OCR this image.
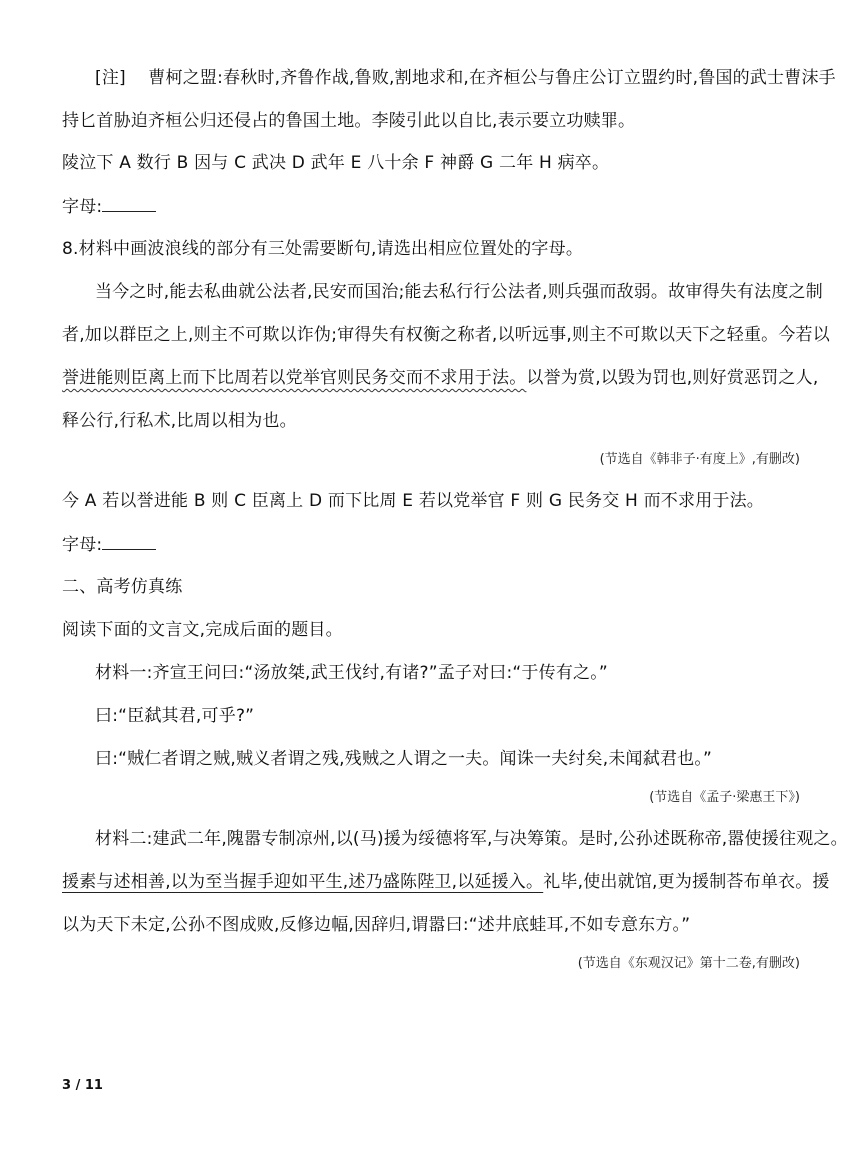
[注] 曹柯之盟:春秋时,齐鲁作战,鲁败,割地求和,在齐桓公与鲁庄公订立盟约时,鲁国的武士曹沫手
持匕首胁迫齐桓公归还侵占的鲁国土地。李陵引此以自比,表示要立功赎罪。
陵泣下 A 数行 B 因与 C 武决 D 武年 E 八十余 F 神爵 G 二年 H 病卒。
字母:
8.材料中画波浪线的部分有三处需要断句,请选出相应位置处的字母。
当今之时,能去私曲就公法者,民安而国治;能去私行行公法者,则兵强而敌弱。故审得失有法度之制
者,加以群臣之上,则主不可欺以诈伪;审得失有权衡之称者,以听远事,则主不可欺以天下之轻重。今若以
誉进能则臣离上而下比周若以党举官则民务交而不求用于法。以誉为赏,以毁为罚也,则好赏恶罚之人,
释公行,行私术,比周以相为也。
(节选自《韩非子·有度上》,有删改)
今 A 若以誉进能 B 则 C 臣离上 D 而下比周 E 若以党举官 F 则 G 民务交 H 而不求用于法。
字母:
二、高考仿真练
阅读下面的文言文,完成后面的题目。
材料一:齐宣王问曰:“汤放桀,武王伐纣,有诸?”孟子对曰:“于传有之。”
曰:“臣弑其君,可乎?”
曰:“贼仁者谓之贼,贼义者谓之残,残贼之人谓之一夫。闻诛一夫纣矣,未闻弑君也。”
(节选自《孟子·梁惠王下》)
材料二:建武二年,隗嚣专制凉州,以(马)援为绥德将军,与决筹策。是时,公孙述既称帝,嚣使援往观之。
援素与述相善,以为至当握手迎如平生,述乃盛陈陛卫,以延援入。礼毕,使出就馆,更为援制荅布单衣。援
以为天下未定,公孙不图成败,反修边幅,因辞归,谓嚣曰:“述井底蛙耳,不如专意东方。”
(节选自《东观汉记》第十二卷,有删改)
3 / 11
